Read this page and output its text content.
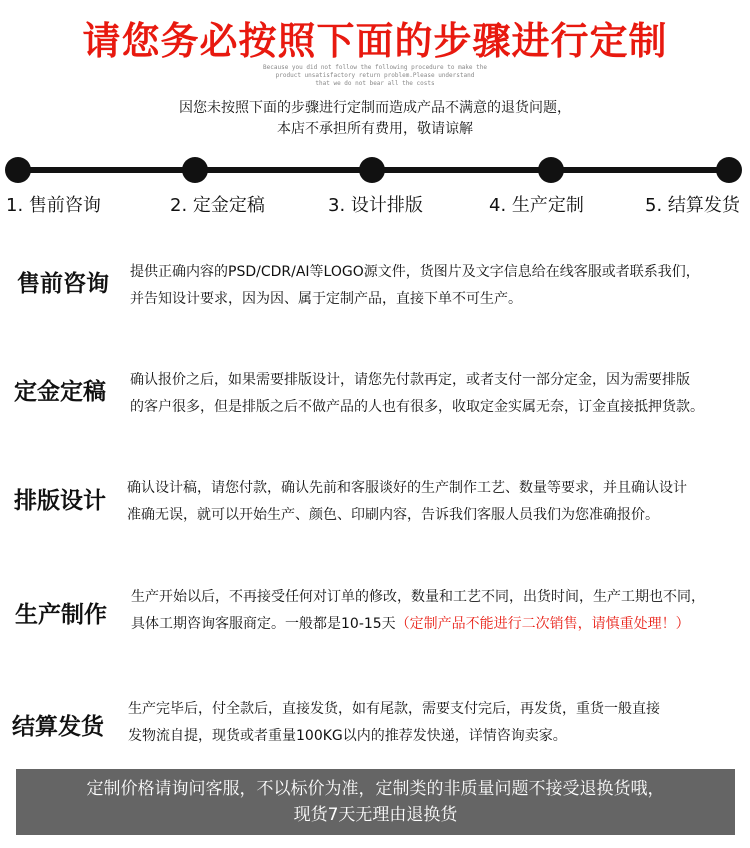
请您务必按照下面的步骤进行定制
Because you did not follow the following procedure to make the
product unsatisfactory return problem.Please understand
that we do not bear all the costs
因您未按照下面的步骤进行定制而造成产品不满意的退货问题，
本店不承担所有费用，敬请谅解
1. 售前咨询	2. 定金定稿	3. 设计排版	4. 生产定制	5. 结算发货
售前咨询 提供正确内容的PSD/CDR/AI等LOGO源文件，货图片及文字信息给在线客服或者联系我们，
并告知设计要求，因为因、属于定制产品，直接下单不可生产。
定金定稿 确认报价之后，如果需要排版设计，请您先付款再定，或者支付一部分定金，因为需要排版
的客户很多，但是排版之后不做产品的人也有很多，收取定金实属无奈，订金直接抵押货款。
排版设计 确认设计稿，请您付款，确认先前和客服谈好的生产制作工艺、数量等要求，并且确认设计
准确无误，就可以开始生产、颜色、印刷内容，告诉我们客服人员我们为您准确报价。
生产制作
生产开始以后，不再接受任何对订单的修改，数量和工艺不同，出货时间，生产工期也不同，
具体工期咨询客服商定。一般都是10-15天（定制产品不能进行二次销售，请慎重处理！）
结算发货
生产完毕后，付全款后，直接发货，如有尾款，需要支付完后，再发货，重货一般直接
发物流自提，现货或者重量100KG以内的推荐发快递，详情咨询卖家。
定制价格请询问客服，不以标价为准，定制类的非质量问题不接受退换货哦，
现货7天无理由退换货
